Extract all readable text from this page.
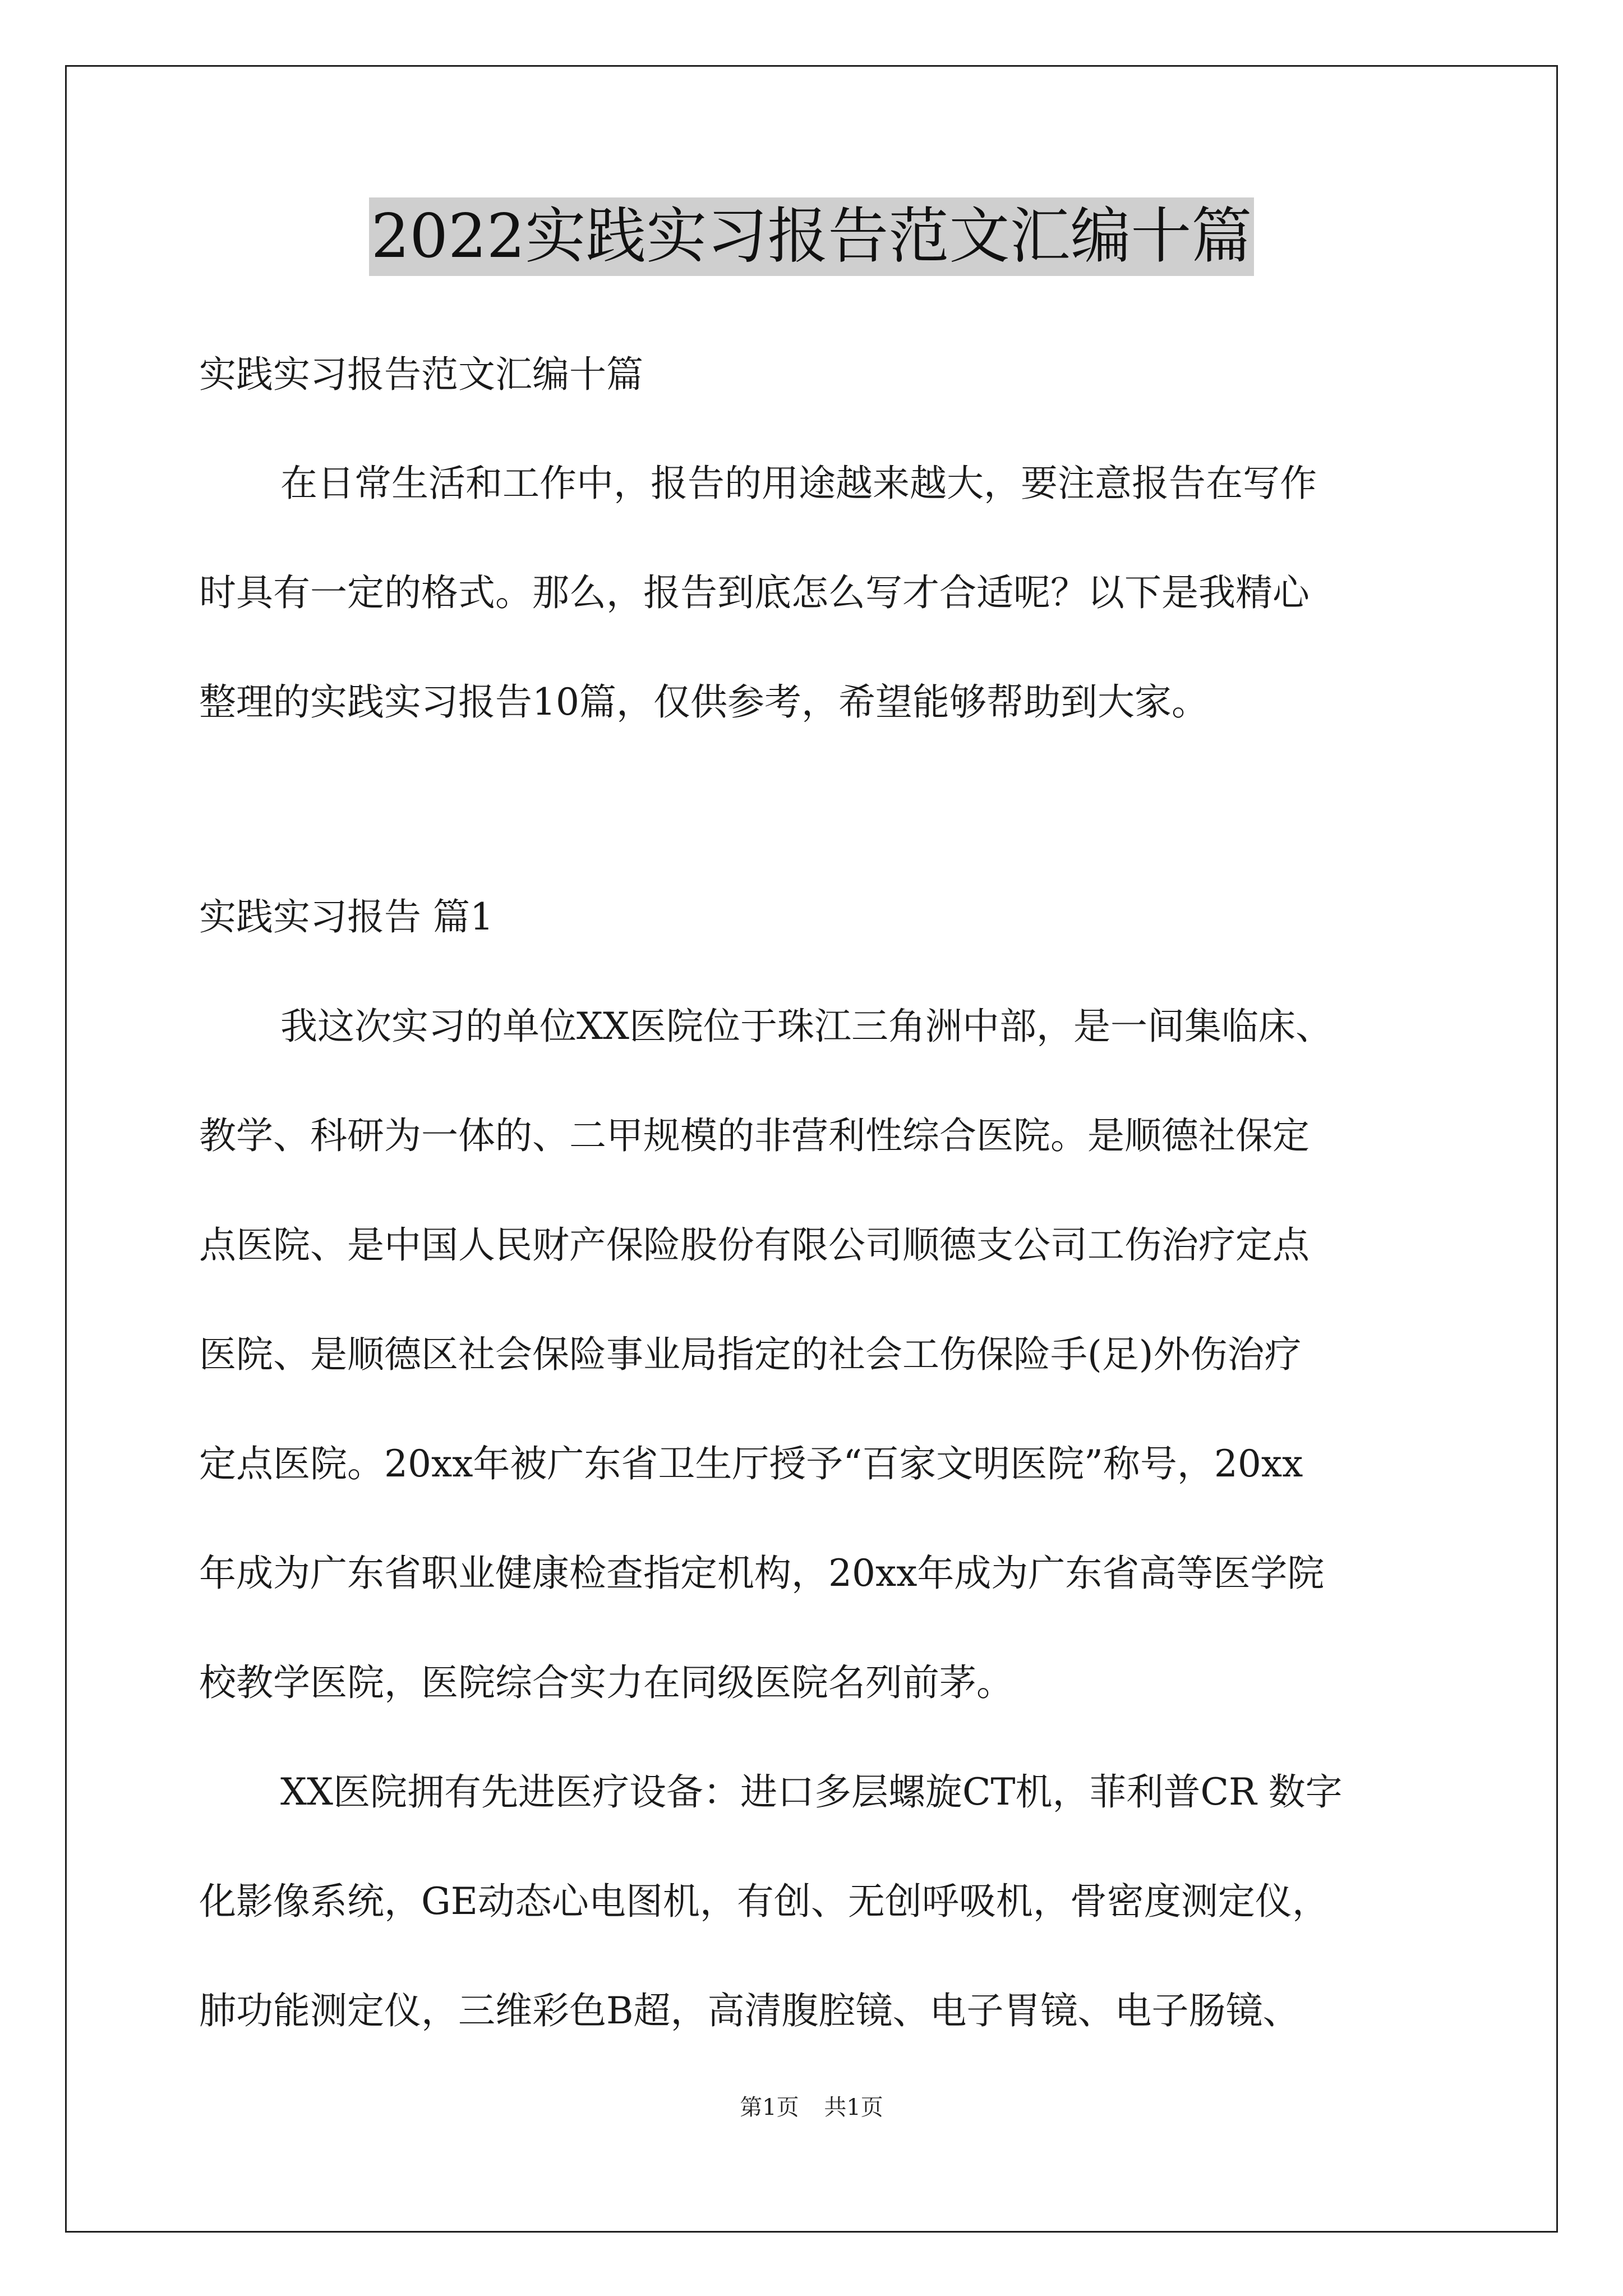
2022实践实习报告范文汇编十篇
实践实习报告范文汇编十篇
在日常生活和工作中，报告的用途越来越大，要注意报告在写作
时具有一定的格式。那么，报告到底怎么写才合适呢？以下是我精心
整理的实践实习报告10篇，仅供参考，希望能够帮助到大家。
实践实习报告 篇1
我这次实习的单位XX医院位于珠江三角洲中部，是一间集临床、
教学、科研为一体的、二甲规模的非营利性综合医院。是顺德社保定
点医院、是中国人民财产保险股份有限公司顺德支公司工伤治疗定点
医院、是顺德区社会保险事业局指定的社会工伤保险手(足)外伤治疗
定点医院。20xx年被广东省卫生厅授予“百家文明医院”称号，20xx
年成为广东省职业健康检查指定机构，20xx年成为广东省高等医学院
校教学医院，医院综合实力在同级医院名列前茅。
XX医院拥有先进医疗设备：进口多层螺旋CT机，菲利普CR 数字
化影像系统，GE动态心电图机，有创、无创呼吸机，骨密度测定仪，
肺功能测定仪，三维彩色B超，高清腹腔镜、电子胃镜、电子肠镜、
第1页 共1页
